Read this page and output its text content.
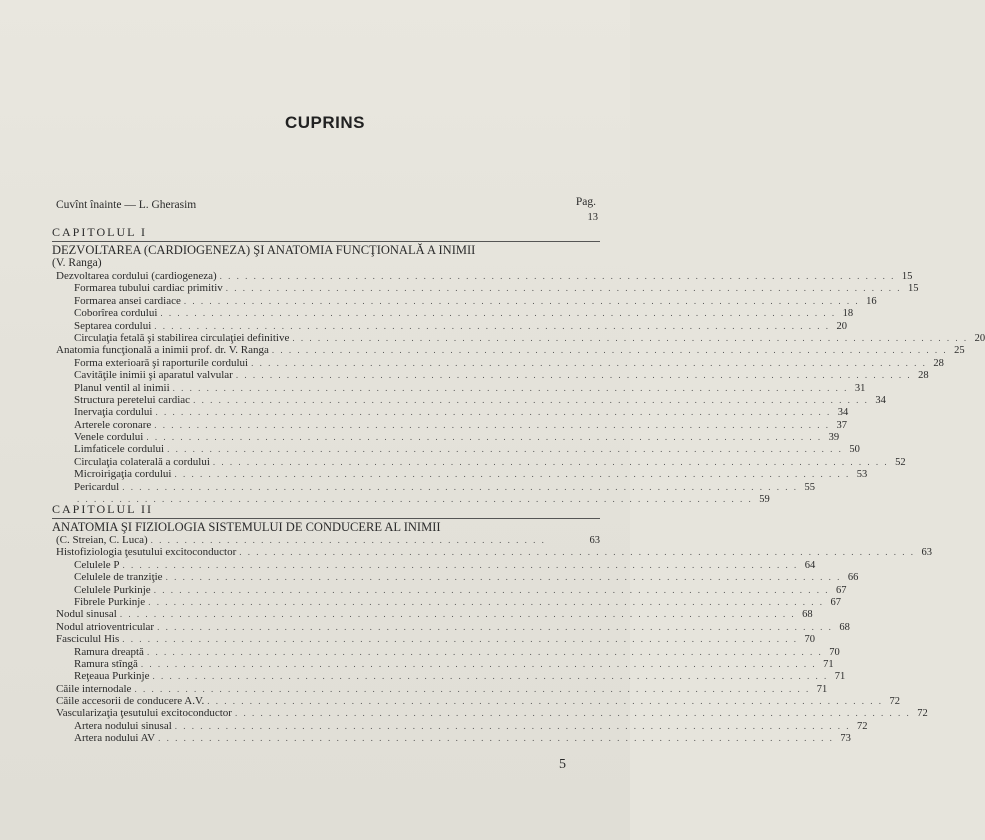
CUPRINS
Cuvînt înainte — L. Gherasim	Pag.
13
CAPITOLUL I
DEZVOLTAREA (CARDIOGENEZA) ŞI ANATOMIA FUNCŢIONALĂ A INIMII
(V. Ranga)
Dezvoltarea cordului (cardiogeneza) . . . . . . . . . . . . . . . . . . . . . . . . . . . . . . . . . . . . . . . . . . . . . . . . . . . . . . . . . . . . . . . . . . . . . . . . . . . . . . . . 15
Formarea tubului cardiac primitiv . . . . . . . . . . . . . . . . . . . . . . . . . . . . . . . . . . . . . . . . . . . . . . . . . . . . . . . . . . . . . . . . . . . . . . . . . . . . . . . . 15
Formarea ansei cardiace . . . . . . . . . . . . . . . . . . . . . . . . . . . . . . . . . . . . . . . . . . . . . . . . . . . . . . . . . . . . . . . . . . . . . . . . . . . . . . . . 16
Coborîrea cordului . . . . . . . . . . . . . . . . . . . . . . . . . . . . . . . . . . . . . . . . . . . . . . . . . . . . . . . . . . . . . . . . . . . . . . . . . . . . . . . . 18
Septarea cordului . . . . . . . . . . . . . . . . . . . . . . . . . . . . . . . . . . . . . . . . . . . . . . . . . . . . . . . . . . . . . . . . . . . . . . . . . . . . . . . . 20
Circulaţia fetală şi stabilirea circulaţiei definitive . . . . . . . . . . . . . . . . . . . . . . . . . . . . . . . . . . . . . . . . . . . . . . . . . . . . . . . . . . . . . . . . . . . . . . . . . . . . . . . . 20
Anatomia funcţională a inimii prof. dr. V. Ranga . . . . . . . . . . . . . . . . . . . . . . . . . . . . . . . . . . . . . . . . . . . . . . . . . . . . . . . . . . . . . . . . . . . . . . . . . . . . . . . . 25
Forma exterioară şi raporturile cordului . . . . . . . . . . . . . . . . . . . . . . . . . . . . . . . . . . . . . . . . . . . . . . . . . . . . . . . . . . . . . . . . . . . . . . . . . . . . . . . . 28
Cavităţile inimii şi aparatul valvular . . . . . . . . . . . . . . . . . . . . . . . . . . . . . . . . . . . . . . . . . . . . . . . . . . . . . . . . . . . . . . . . . . . . . . . . . . . . . . . . 28
Planul ventil al inimii . . . . . . . . . . . . . . . . . . . . . . . . . . . . . . . . . . . . . . . . . . . . . . . . . . . . . . . . . . . . . . . . . . . . . . . . . . . . . . . . 31
Structura peretelui cardiac . . . . . . . . . . . . . . . . . . . . . . . . . . . . . . . . . . . . . . . . . . . . . . . . . . . . . . . . . . . . . . . . . . . . . . . . . . . . . . . . 34
Inervaţia cordului . . . . . . . . . . . . . . . . . . . . . . . . . . . . . . . . . . . . . . . . . . . . . . . . . . . . . . . . . . . . . . . . . . . . . . . . . . . . . . . . 34
Arterele coronare . . . . . . . . . . . . . . . . . . . . . . . . . . . . . . . . . . . . . . . . . . . . . . . . . . . . . . . . . . . . . . . . . . . . . . . . . . . . . . . . 37
Venele cordului . . . . . . . . . . . . . . . . . . . . . . . . . . . . . . . . . . . . . . . . . . . . . . . . . . . . . . . . . . . . . . . . . . . . . . . . . . . . . . . . 39
Limfaticele cordului . . . . . . . . . . . . . . . . . . . . . . . . . . . . . . . . . . . . . . . . . . . . . . . . . . . . . . . . . . . . . . . . . . . . . . . . . . . . . . . . 50
Circulaţia colaterală a cordului . . . . . . . . . . . . . . . . . . . . . . . . . . . . . . . . . . . . . . . . . . . . . . . . . . . . . . . . . . . . . . . . . . . . . . . . . . . . . . . . 52
Microirigaţia cordului . . . . . . . . . . . . . . . . . . . . . . . . . . . . . . . . . . . . . . . . . . . . . . . . . . . . . . . . . . . . . . . . . . . . . . . . . . . . . . . . 53
Pericardul . . . . . . . . . . . . . . . . . . . . . . . . . . . . . . . . . . . . . . . . . . . . . . . . . . . . . . . . . . . . . . . . . . . . . . . . . . . . . . . . 55
. . . . . . . . . . . . . . . . . . . . . . . . . . . . . . . . . . . . . . . . . . . . . . . . . . . . . . . . . . . . . . . . . . . . . . . . . . . . . . . . 59
CAPITOLUL II
ANATOMIA ŞI FIZIOLOGIA SISTEMULUI DE CONDUCERE AL INIMII
(C. Streian, C. Luca) . . . . . . . . . . . . . . . . . . . . . . . . . . . . . . . . . . . . . . . . . . . . . . .	63
Histofiziologia ţesutului excitoconductor . . . . . . . . . . . . . . . . . . . . . . . . . . . . . . . . . . . . . . . . . . . . . . . . . . . . . . . . . . . . . . . . . . . . . . . . . . . . . . . . 63
Celulele P . . . . . . . . . . . . . . . . . . . . . . . . . . . . . . . . . . . . . . . . . . . . . . . . . . . . . . . . . . . . . . . . . . . . . . . . . . . . . . . . 64
Celulele de tranziţie . . . . . . . . . . . . . . . . . . . . . . . . . . . . . . . . . . . . . . . . . . . . . . . . . . . . . . . . . . . . . . . . . . . . . . . . . . . . . . . . 66
Celulele Purkinje . . . . . . . . . . . . . . . . . . . . . . . . . . . . . . . . . . . . . . . . . . . . . . . . . . . . . . . . . . . . . . . . . . . . . . . . . . . . . . . . 67
Fibrele Purkinje . . . . . . . . . . . . . . . . . . . . . . . . . . . . . . . . . . . . . . . . . . . . . . . . . . . . . . . . . . . . . . . . . . . . . . . . . . . . . . . . 67
Nodul sinusal . . . . . . . . . . . . . . . . . . . . . . . . . . . . . . . . . . . . . . . . . . . . . . . . . . . . . . . . . . . . . . . . . . . . . . . . . . . . . . . . 68
Nodul atrioventricular . . . . . . . . . . . . . . . . . . . . . . . . . . . . . . . . . . . . . . . . . . . . . . . . . . . . . . . . . . . . . . . . . . . . . . . . . . . . . . . . 68
Fasciculul His . . . . . . . . . . . . . . . . . . . . . . . . . . . . . . . . . . . . . . . . . . . . . . . . . . . . . . . . . . . . . . . . . . . . . . . . . . . . . . . . 70
Ramura dreaptă . . . . . . . . . . . . . . . . . . . . . . . . . . . . . . . . . . . . . . . . . . . . . . . . . . . . . . . . . . . . . . . . . . . . . . . . . . . . . . . . 70
Ramura stîngă . . . . . . . . . . . . . . . . . . . . . . . . . . . . . . . . . . . . . . . . . . . . . . . . . . . . . . . . . . . . . . . . . . . . . . . . . . . . . . . . 71
Reţeaua Purkinje . . . . . . . . . . . . . . . . . . . . . . . . . . . . . . . . . . . . . . . . . . . . . . . . . . . . . . . . . . . . . . . . . . . . . . . . . . . . . . . . 71
Căile internodale . . . . . . . . . . . . . . . . . . . . . . . . . . . . . . . . . . . . . . . . . . . . . . . . . . . . . . . . . . . . . . . . . . . . . . . . . . . . . . . . 71
Căile accesorii de conducere A.V. . . . . . . . . . . . . . . . . . . . . . . . . . . . . . . . . . . . . . . . . . . . . . . . . . . . . . . . . . . . . . . . . . . . . . . . . . . . . . . . . 72
Vascularizaţia ţesutului excitoconductor . . . . . . . . . . . . . . . . . . . . . . . . . . . . . . . . . . . . . . . . . . . . . . . . . . . . . . . . . . . . . . . . . . . . . . . . . . . . . . . . 72
Artera nodului sinusal . . . . . . . . . . . . . . . . . . . . . . . . . . . . . . . . . . . . . . . . . . . . . . . . . . . . . . . . . . . . . . . . . . . . . . . . . . . . . . . . 72
Artera nodului AV . . . . . . . . . . . . . . . . . . . . . . . . . . . . . . . . . . . . . . . . . . . . . . . . . . . . . . . . . . . . . . . . . . . . . . . . . . . . . . . . 73
5
